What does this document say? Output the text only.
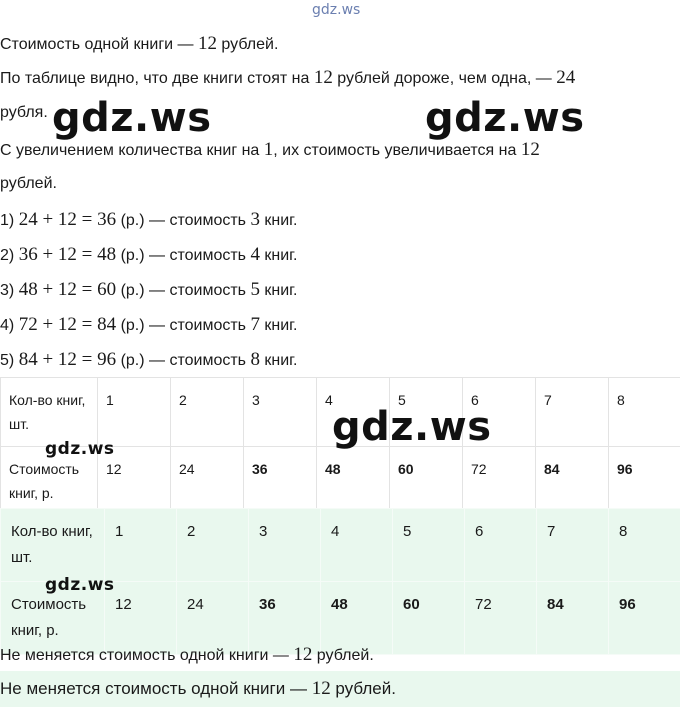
gdz.ws
Стоимость одной книги — 12 рублей.
По таблице видно, что две книги стоят на 12 рублей дороже, чем одна, — 24
рубля.
С увеличением количества книг на 1, их стоимость увеличивается на 12
рублей.
1) 24 + 12 = 36 (р.) — стоимость 3 книг.
2) 36 + 12 = 48 (р.) — стоимость 4 книг.
3) 48 + 12 = 60 (р.) — стоимость 5 книг.
4) 72 + 12 = 84 (р.) — стоимость 7 книг.
5) 84 + 12 = 96 (р.) — стоимость 8 книг.
Кол-во книг, шт.	1	2	3	4	5	6	7	8
Стоимость книг, р.	12	24	36	48	60	72	84	96
Кол-во книг, шт.	1	2	3	4	5	6	7	8
Стоимость книг, р.	12	24	36	48	60	72	84	96
Не меняется стоимость одной книги — 12 рублей.
Не меняется стоимость одной книги — 12 рублей.
gdz.ws	gdz.ws
gdz.ws
gdz.ws
gdz.ws
